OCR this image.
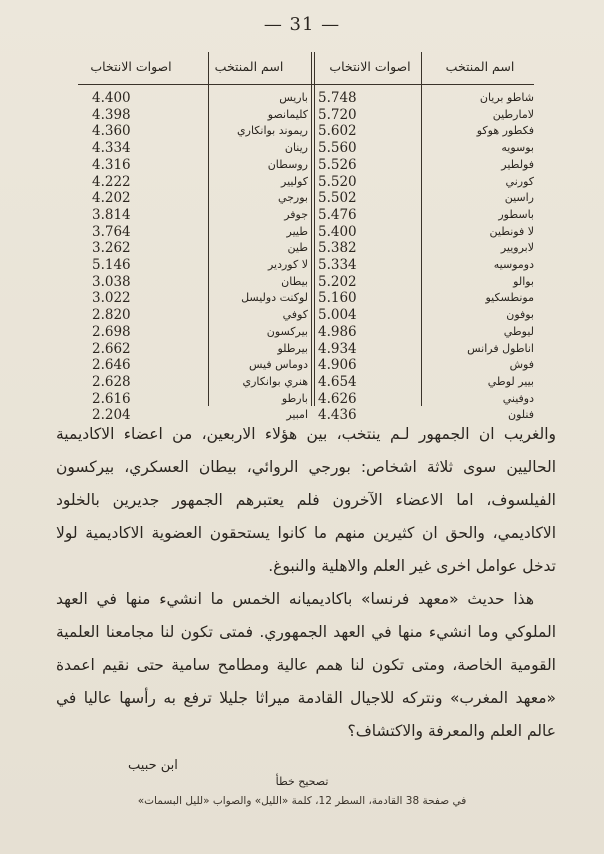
— 31 —
اسم المنتخب
اصوات الانتخاب
اسم المنتخب
اصوات الانتخاب
شاطو بريان
5.748
لامارطين
5.720
فكطور هوكو
5.602
بوسويه
5.560
فولطير
5.526
كورني
5.520
راسين
5.502
باسطور
5.476
لا فونطين
5.400
لابرويير
5.382
دوموسيه
5.334
بوالو
5.202
مونطسكيو
5.160
بوفون
5.004
ليوطي
4.986
اناطول فرانس
4.934
فوش
4.906
بيير لوطي
4.654
دوفيني
4.626
فنلون
4.436
باريس
4.400
كليمانصو
4.398
ريموند بوانكاري
4.360
رينان
4.334
روسطان
4.316
كوليير
4.222
بورجي
4.202
جوفر
3.814
طيير
3.764
طين
3.262
لا كوردير
5.146
بيطان
3.038
لوكنت دوليسل
3.022
كوفي
2.820
بيركسون
2.698
بيرطلو
2.662
دوماس فيس
2.646
هنري بوانكاري
2.628
بارطو
2.616
امبير
2.204

والغريب ان الجمهور لـم ينتخب، بين هؤلاء الاربعين، من اعضاء الاكاديمية الحاليين سوى ثلاثة اشخاص: بورجي الروائي، بيطان العسكري، بيركسون الفيلسوف، اما الاعضاء الآخرون فلم يعتبرهم الجمهور جديرين بالخلود الاكاديمي، والحق ان كثيرين منهم ما كانوا يستحقون العضوية الاكاديمية لولا تدخل عوامل اخرى غير العلم والاهلية والنبوغ.

هذا حديث «معهد فرنسا» باكاديميانه الخمس ما انشيء منها في العهد الملوكي وما انشيء منها في العهد الجمهوري. فمتى تكون لنا مجامعنا العلمية القومية الخاصة، ومتى تكون لنا همم عالية ومطامح سامية حتى نقيم اعمدة «معهد المغرب» ونتركه للاجيال القادمة ميراثا جليلا ترفع به رأسها عاليا في عالم العلم والمعرفة والاكتشاف؟

ابن حبيب
تصحيح خطأ
في صفحة 38 القادمة، السطر 12، كلمة «الليل» والصواب «لليل البسمات»
